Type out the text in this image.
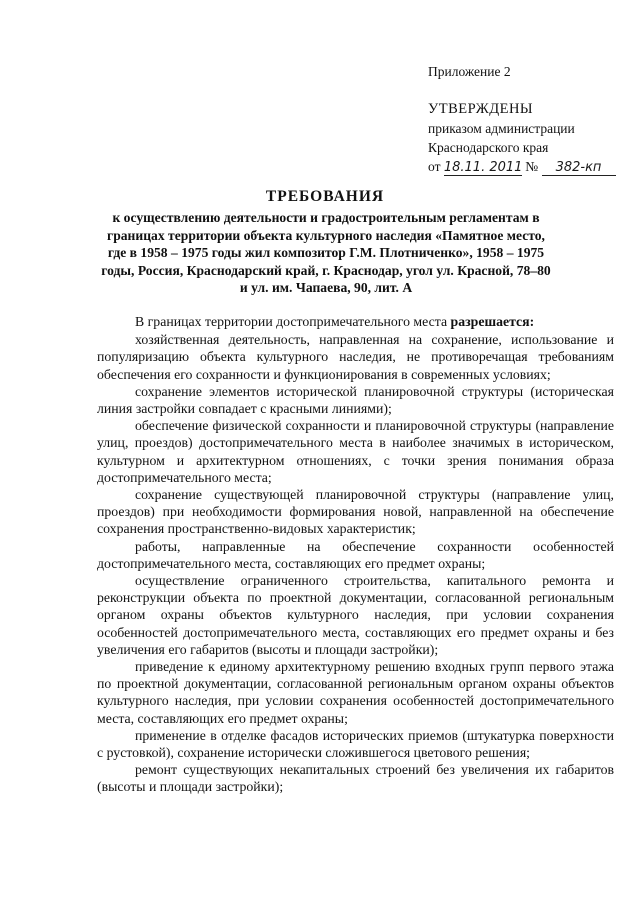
Приложение 2
УТВЕРЖДЕНЫ
приказом администрации
Краснодарского края
от 18.11. 2011 № 382-кп
ТРЕБОВАНИЯ
к осуществлению деятельности и градостроительным регламентам в границах территории объекта культурного наследия «Памятное место, где в 1958 – 1975 годы жил композитор Г.М. Плотниченко», 1958 – 1975 годы, Россия, Краснодарский край, г. Краснодар, угол ул. Красной, 78–80 и ул. им. Чапаева, 90, лит. А

В границах территории достопримечательного места разрешается:

хозяйственная деятельность, направленная на сохранение, использование и популяризацию объекта культурного наследия, не противоречащая требованиям обеспечения его сохранности и функционирования в современных условиях;

сохранение элементов исторической планировочной структуры (историческая линия застройки совпадает с красными линиями);

обеспечение физической сохранности и планировочной структуры (направление улиц, проездов) достопримечательного места в наиболее значимых в историческом, культурном и архитектурном отношениях, с точки зрения понимания образа достопримечательного места;

сохранение существующей планировочной структуры (направление улиц, проездов) при необходимости формирования новой, направленной на обеспечение сохранения пространственно-видовых характеристик;

работы, направленные на обеспечение сохранности особенностей достопримечательного места, составляющих его предмет охраны;

осуществление ограниченного строительства, капитального ремонта и реконструкции объекта по проектной документации, согласованной региональным органом охраны объектов культурного наследия, при условии сохранения особенностей достопримечательного места, составляющих его предмет охраны и без увеличения его габаритов (высоты и площади застройки);

приведение к единому архитектурному решению входных групп первого этажа по проектной документации, согласованной региональным органом охраны объектов культурного наследия, при условии сохранения особенностей достопримечательного места, составляющих его предмет охраны;

применение в отделке фасадов исторических приемов (штукатурка поверхности с рустовкой), сохранение исторически сложившегося цветового решения;

ремонт существующих некапитальных строений без увеличения их габаритов (высоты и площади застройки);
